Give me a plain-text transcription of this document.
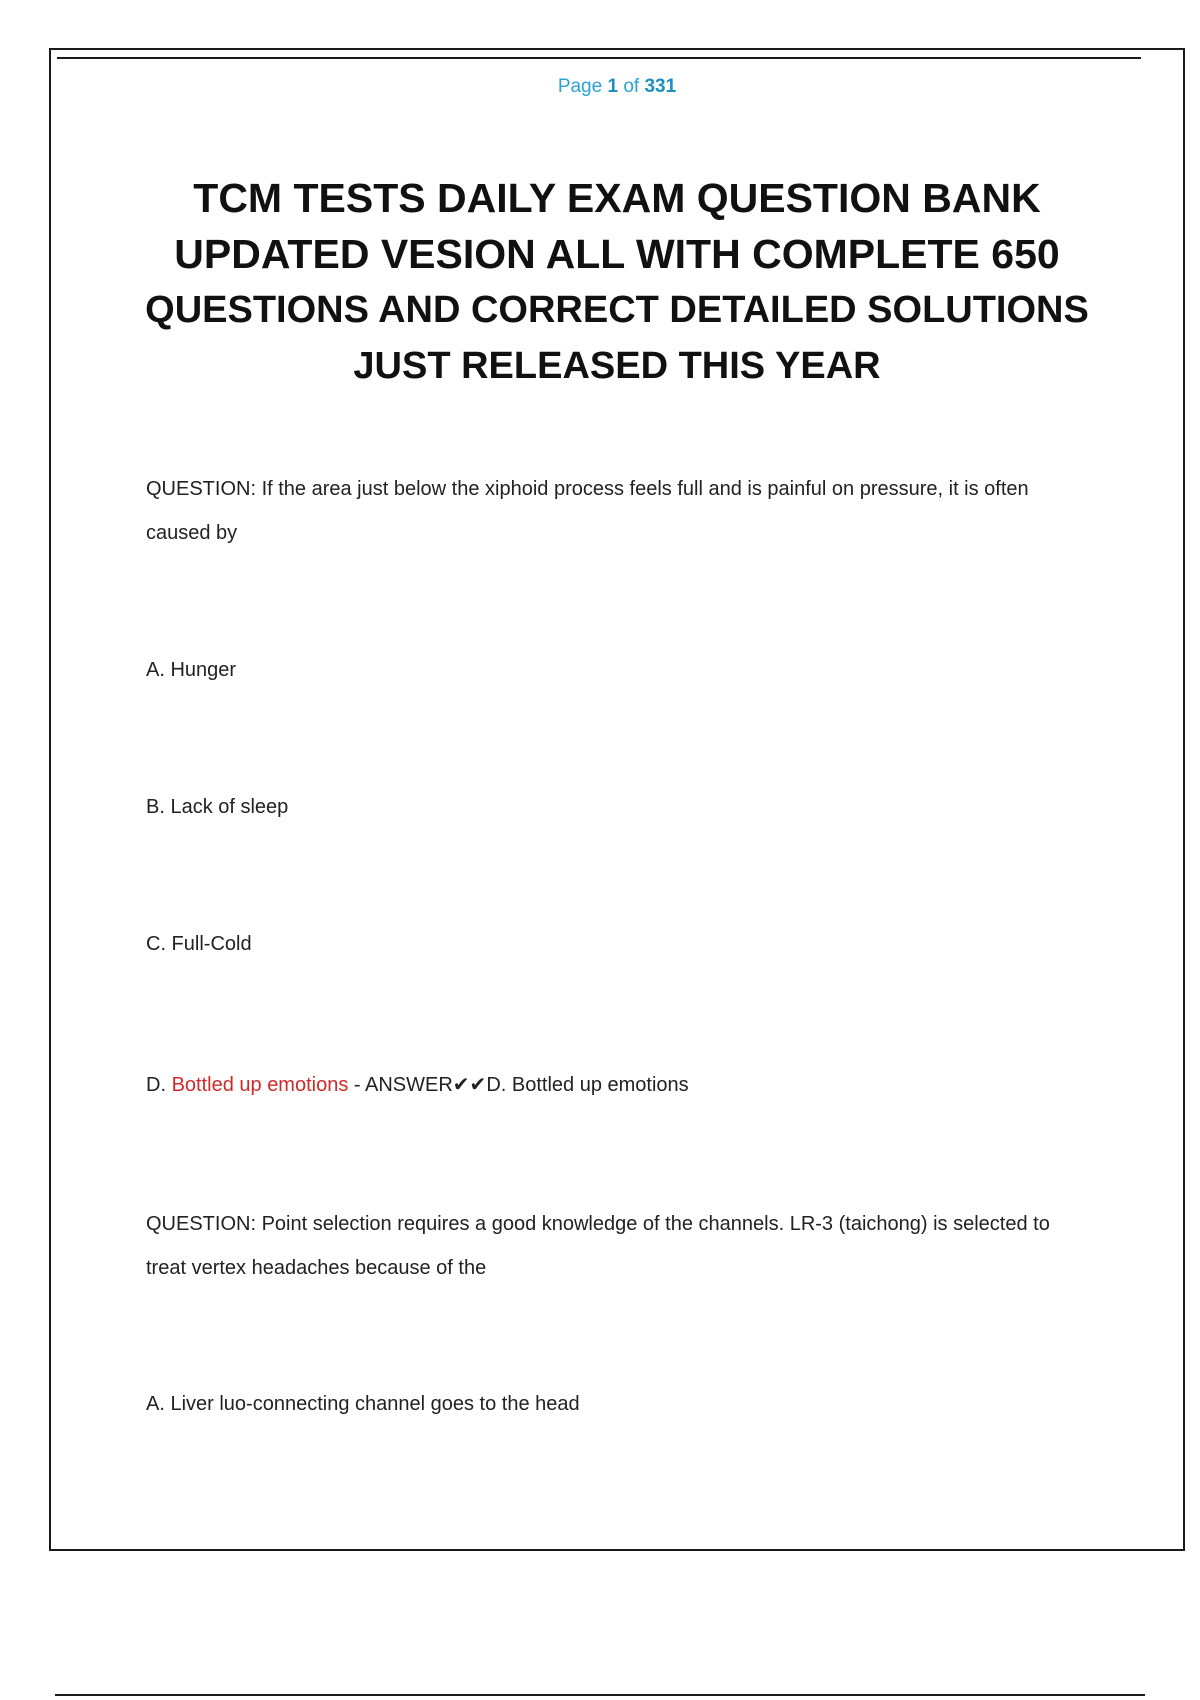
Page 1 of 331
TCM TESTS DAILY EXAM QUESTION BANK
UPDATED VESION ALL WITH COMPLETE 650
QUESTIONS AND CORRECT DETAILED SOLUTIONS
JUST RELEASED THIS YEAR

QUESTION: If the area just below the xiphoid process feels full and is painful on pressure, it is often caused by

A. Hunger

B. Lack of sleep

C. Full-Cold

D. Bottled up emotions - ANSWER✔✔D. Bottled up emotions

QUESTION: Point selection requires a good knowledge of the channels. LR-3 (taichong) is selected to treat vertex headaches because of the

A. Liver luo-connecting channel goes to the head
